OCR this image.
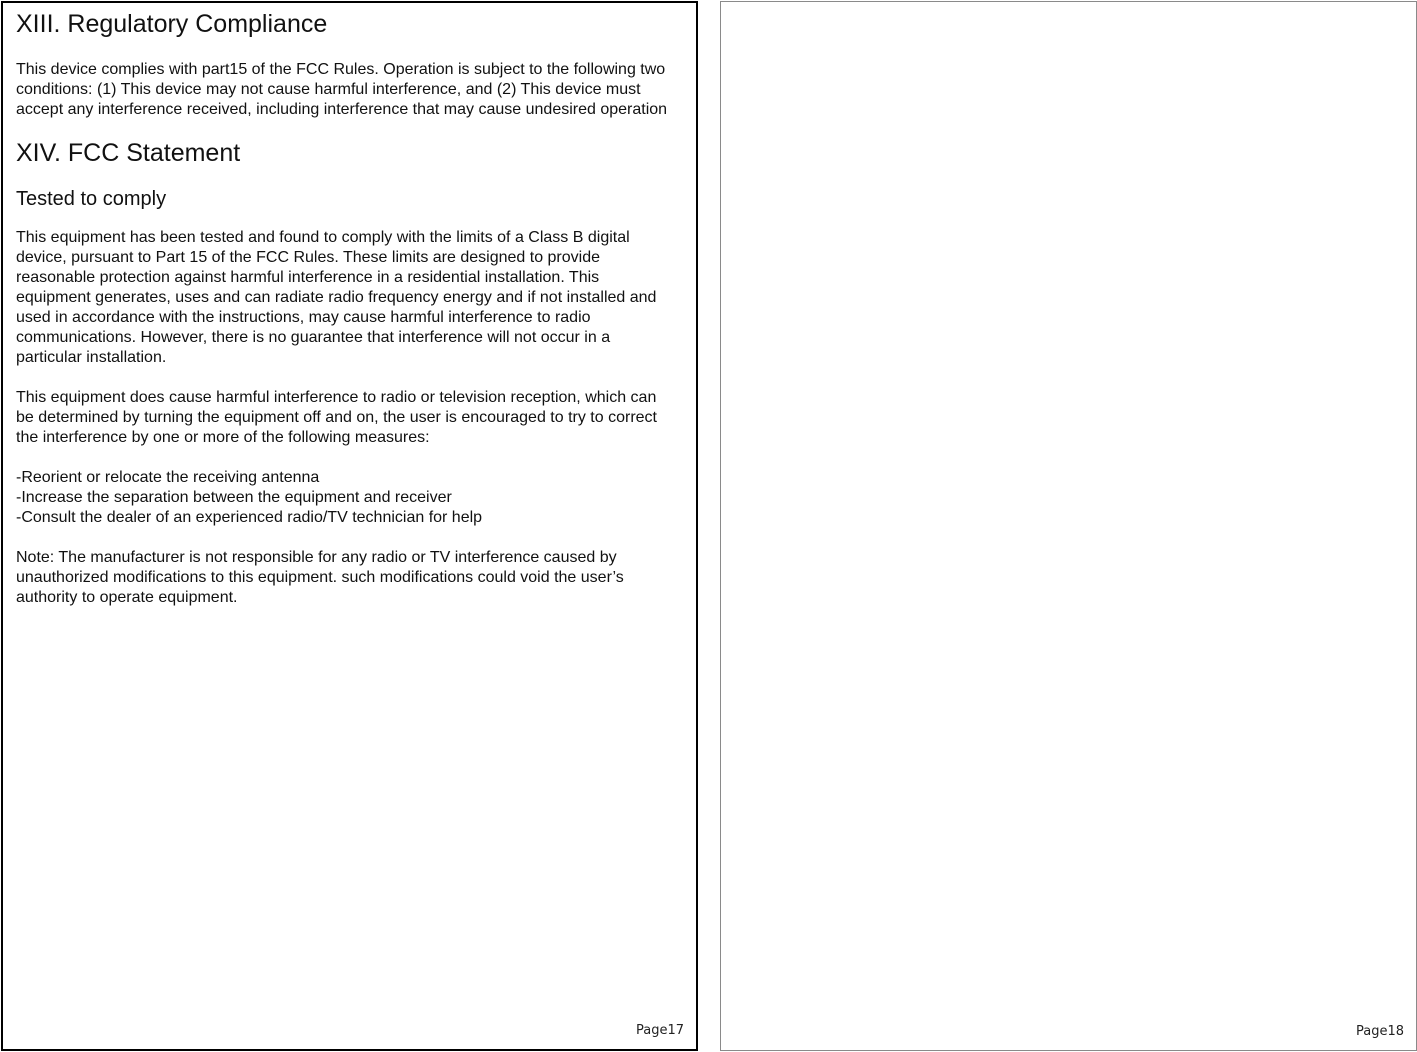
XIII. Regulatory Compliance

This device complies with part15 of the FCC Rules. Operation is subject to the following two conditions: (1) This device may not cause harmful interference, and (2) This device must accept any interference received, including interference that may cause undesired operation

XIV. FCC Statement
Tested to comply

This equipment has been tested and found to comply with the limits of a Class B digital device, pursuant to Part 15 of the FCC Rules. These limits are designed to provide reasonable protection against harmful interference in a residential installation. This equipment generates, uses and can radiate radio frequency energy and if not installed and used in accordance with the instructions, may cause harmful interference to radio communications. However, there is no guarantee that interference will not occur in a particular installation.

This equipment does cause harmful interference to radio or television reception, which can be determined by turning the equipment off and on, the user is encouraged to try to correct the interference by one or more of the following measures:

-Reorient or relocate the receiving antenna
-Increase the separation between the equipment and receiver
-Consult the dealer of an experienced radio/TV technician for help

Note: The manufacturer is not responsible for any radio or TV interference caused by unauthorized modifications to this equipment. such modifications could void the user’s authority to operate equipment.

Page17	Page18
